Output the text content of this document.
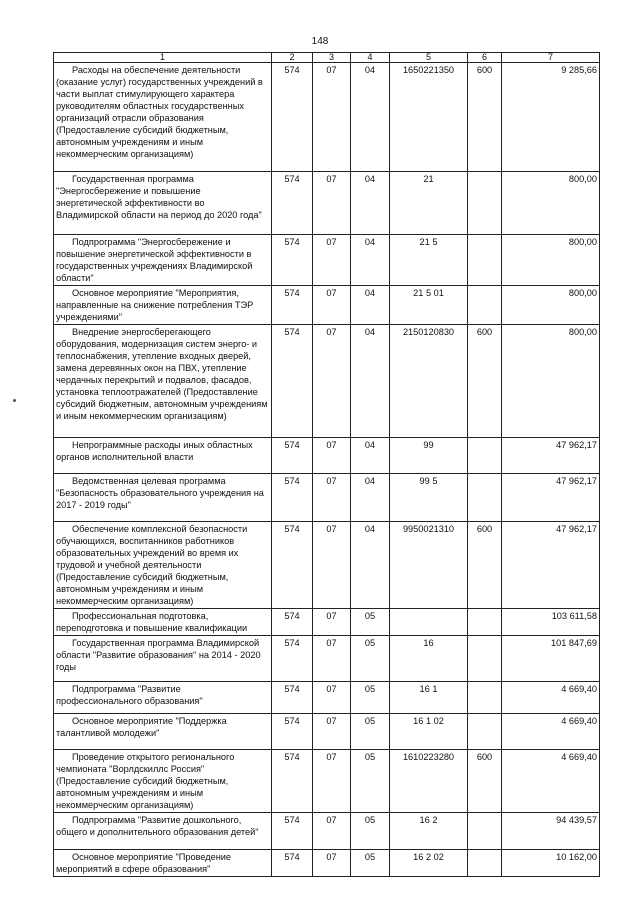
148
1	2	3	4	5	6	7
Расходы на обеспечение деятельности (оказание услуг) государственных учреждений в части выплат стимулирующего характера руководителям областных государственных организаций отрасли образования (Предоставление субсидий бюджетным, автономным учреждениям и иным некоммерческим организациям)	574	07	04	1650221350	600	9 285,66
Государственная программа "Энергосбережение и повышение энергетической эффективности во Владимирской области на период до 2020 года"	574	07	04	21		800,00
Подпрограмма "Энергосбережение и повышение энергетической эффективности в государственных учреждениях Владимирской области"	574	07	04	21 5		800,00
Основное мероприятие "Мероприятия, направленные на снижение потребления ТЭР учреждениями"	574	07	04	21 5 01		800,00
Внедрение энергосберегающего оборудования, модернизация систем энерго- и теплоснабжения, утепление входных дверей, замена деревянных окон на ПВХ, утепление чердачных перекрытий и подвалов, фасадов, установка теплоотражателей (Предоставление субсидий бюджетным, автономным учреждениям и иным некоммерческим организациям)	574	07	04	2150120830	600	800,00
Непрограммные расходы иных областных органов исполнительной власти	574	07	04	99		47 962,17
Ведомственная целевая программа "Безопасность образовательного учреждения на 2017 - 2019 годы"	574	07	04	99 5		47 962,17
Обеспечение комплексной безопасности обучающихся, воспитанников работников образовательных учреждений во время их трудовой и учебной деятельности (Предоставление субсидий бюджетным, автономным учреждениям и иным некоммерческим организациям)	574	07	04	9950021310	600	47 962,17
Профессиональная подготовка, переподготовка и повышение квалификации	574	07	05			103 611,58
Государственная программа Владимирской области "Развитие образования" на 2014 - 2020 годы	574	07	05	16		101 847,69
Подпрограмма "Развитие профессионального образования"	574	07	05	16 1		4 669,40
Основное мероприятие "Поддержка талантливой молодежи"	574	07	05	16 1 02		4 669,40
Проведение открытого регионального чемпионата "Ворлдскиллс Россия" (Предоставление субсидий бюджетным, автономным учреждениям и иным некоммерческим организациям)	574	07	05	1610223280	600	4 669,40
Подпрограмма "Развитие дошкольного, общего и дополнительного образования детей"	574	07	05	16 2		94 439,57
Основное мероприятие "Проведение мероприятий в сфере образования"	574	07	05	16 2 02		10 162,00
